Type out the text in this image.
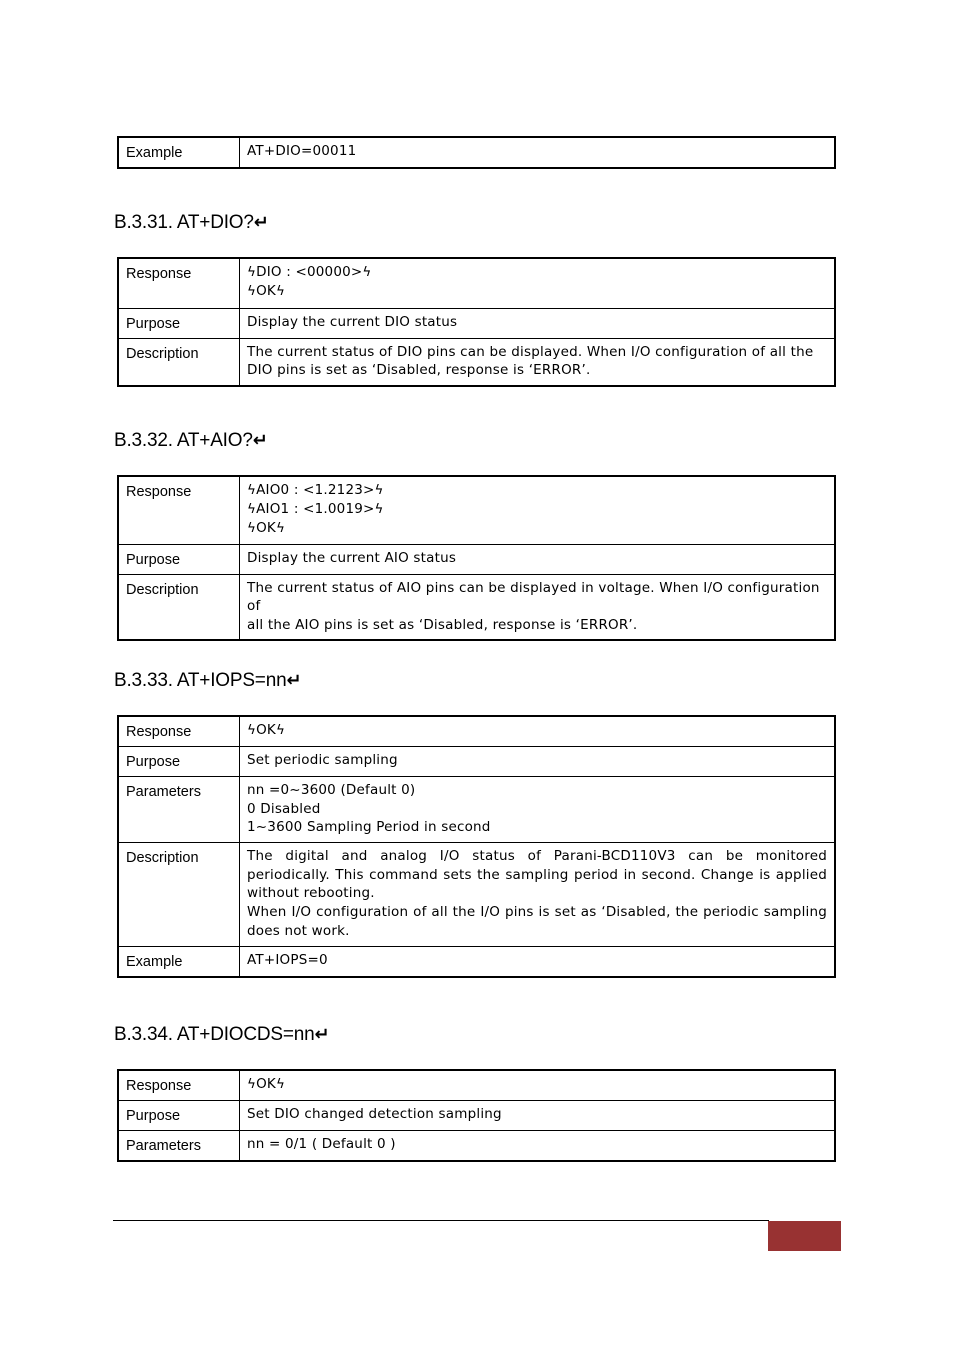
Example	AT+DIO=00011
B.3.31. AT+DIO?↵
Response	ϟDIO : <00000>ϟ
ϟOKϟ

Purpose	Display the current DIO status

Description	The current status of DIO pins can be displayed. When I/O configuration of all the
DIO pins is set as ‘Disabled, response is ‘ERROR’.
B.3.32. AT+AIO?↵
Response	ϟAIO0 : <1.2123>ϟ
ϟAIO1 : <1.0019>ϟ
ϟOKϟ

Purpose	Display the current AIO status

Description	The current status of AIO pins can be displayed in voltage. When I/O configuration of
all the AIO pins is set as ‘Disabled, response is ‘ERROR’.
B.3.33. AT+IOPS=nn↵
Response	ϟOKϟ

Purpose	Set periodic sampling

Parameters	nn =0~3600 (Default 0)
0 Disabled
1~3600 Sampling Period in second

Description	The digital and analog I/O status of Parani-BCD110V3 can be monitored periodically. This command sets the sampling period in second. Change is applied without rebooting.
When I/O configuration of all the I/O pins is set as ‘Disabled, the periodic sampling does not work.

Example	AT+IOPS=0
B.3.34. AT+DIOCDS=nn↵
Response	ϟOKϟ

Purpose	Set DIO changed detection sampling

Parameters	nn = 0/1 ( Default 0 )
